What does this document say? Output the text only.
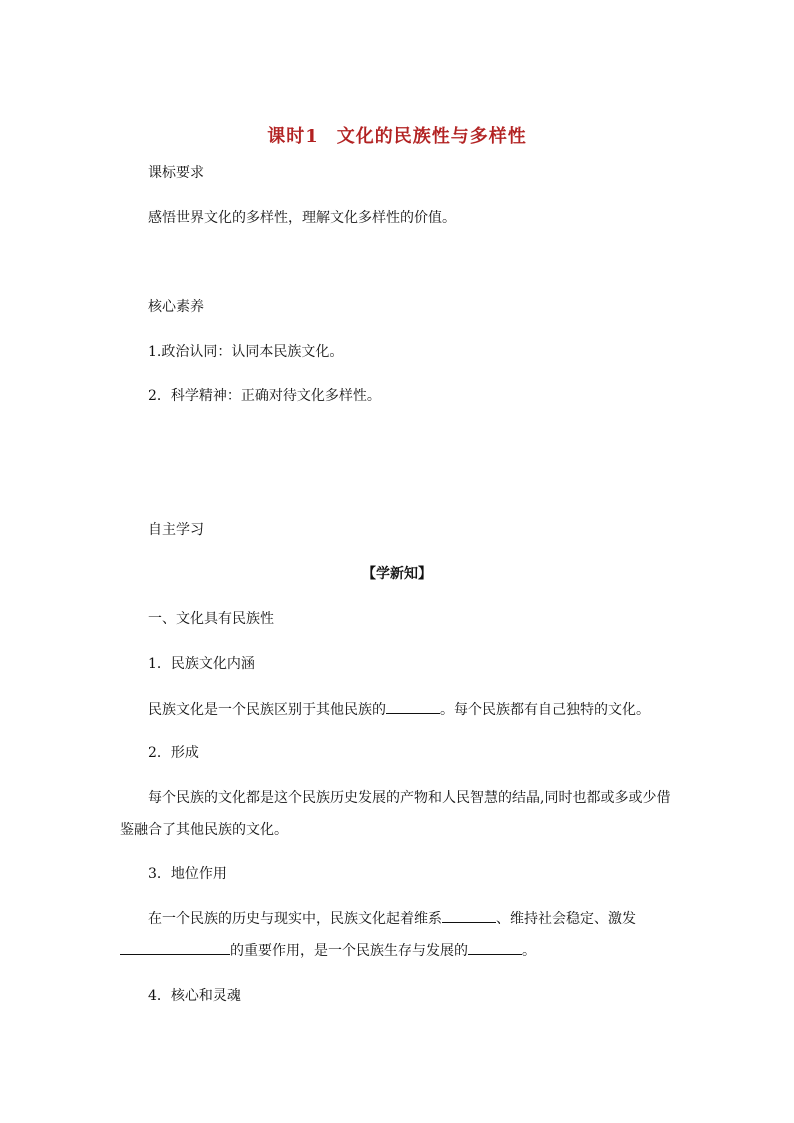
课时1 文化的民族性与多样性
课标要求
感悟世界文化的多样性，理解文化多样性的价值。
核心素养
1.政治认同：认同本民族文化。
2．科学精神：正确对待文化多样性。
自主学习
【学新知】
一、文化具有民族性
1．民族文化内涵
民族文化是一个民族区别于其他民族的	。每个民族都有自己独特的文化。
2．形成
每个民族的文化都是这个民族历史发展的产物和人民智慧的结晶,同时也都或多或少借
鉴融合了其他民族的文化。
3．地位作用
在一个民族的历史与现实中，民族文化起着维系	、维持社会稳定、激发
的重要作用，是一个民族生存与发展的	。
4．核心和灵魂
